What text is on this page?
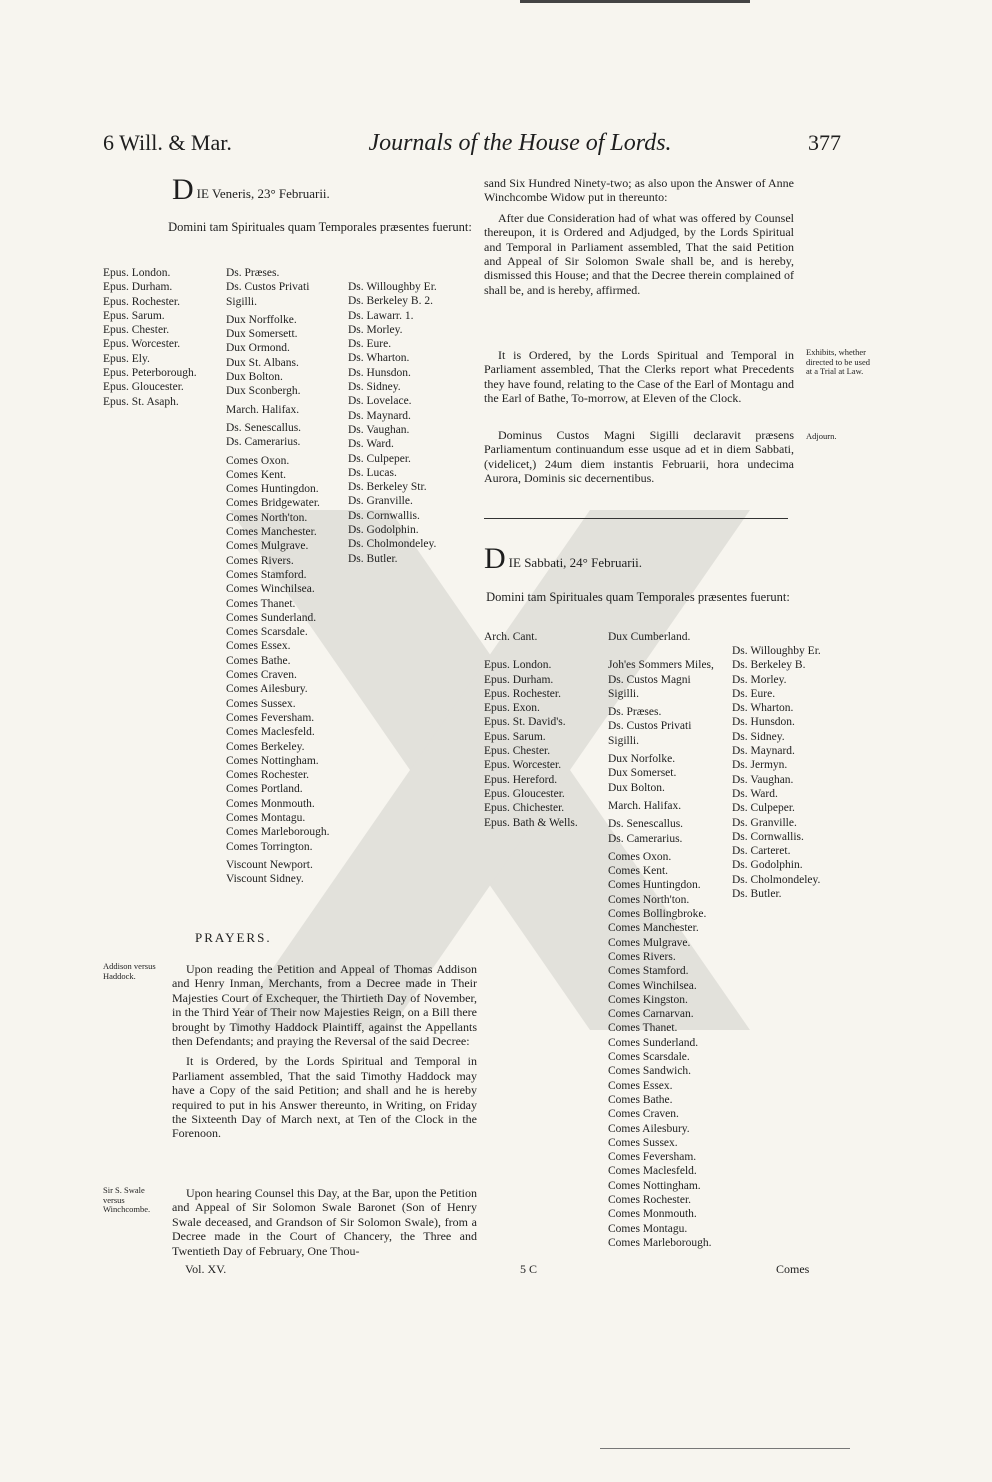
6 Will. & Mar.	Journals of the House of Lords.	377
D IE Veneris, 23° Februarii.
Domini tam Spirituales quam Temporales præsentes fuerunt:
Epus. London.
Epus. Durham.
Epus. Rochester.
Epus. Sarum.
Epus. Chester.
Epus. Worcester.
Epus. Ely.
Epus. Peterborough.
Epus. Gloucester.
Epus. St. Asaph.
Ds. Præses.
Ds. Custos Privati
Sigilli.
Dux Norffolke.
Dux Somersett.
Dux Ormond.
Dux St. Albans.
Dux Bolton.
Dux Sconbergh.
March. Halifax.
Ds. Senescallus.
Ds. Camerarius.
Comes Oxon.
Comes Kent.
Comes Huntingdon.
Comes Bridgewater.
Comes North'ton.
Comes Manchester.
Comes Mulgrave.
Comes Rivers.
Comes Stamford.
Comes Winchilsea.
Comes Thanet.
Comes Sunderland.
Comes Scarsdale.
Comes Essex.
Comes Bathe.
Comes Craven.
Comes Ailesbury.
Comes Sussex.
Comes Feversham.
Comes Maclesfeld.
Comes Berkeley.
Comes Nottingham.
Comes Rochester.
Comes Portland.
Comes Monmouth.
Comes Montagu.
Comes Marleborough.
Comes Torrington.
Viscount Newport.
Viscount Sidney.
Ds. Willoughby Er.
Ds. Berkeley B. 2.
Ds. Lawarr. 1.
Ds. Morley.
Ds. Eure.
Ds. Wharton.
Ds. Hunsdon.
Ds. Sidney.
Ds. Lovelace.
Ds. Maynard.
Ds. Vaughan.
Ds. Ward.
Ds. Culpeper.
Ds. Lucas.
Ds. Berkeley Str.
Ds. Granville.
Ds. Cornwallis.
Ds. Godolphin.
Ds. Cholmondeley.
Ds. Butler.
PRAYERS.
Addison versus Haddock.	Upon reading the Petition and Appeal of Thomas Addison and Henry Inman, Merchants, from a Decree made in Their Majesties Court of Exchequer, the Thirtieth Day of November, in the Third Year of Their now Majesties Reign, on a Bill there brought by Timothy Haddock Plaintiff, against the Appellants then Defendants; and praying the Reversal of the said Decree:

It is Ordered, by the Lords Spiritual and Temporal in Parliament assembled, That the said Timothy Haddock may have a Copy of the said Petition; and shall and he is hereby required to put in his Answer thereunto, in Writing, on Friday the Sixteenth Day of March next, at Ten of the Clock in the Forenoon.

Sir S. Swale versus Winchcombe.

Upon hearing Counsel this Day, at the Bar, upon the Petition and Appeal of Sir Solomon Swale Baronet (Son of Henry Swale deceased, and Grandson of Sir Solomon Swale), from a Decree made in the Court of Chancery, the Three and Twentieth Day of February, One Thou-

sand Six Hundred Ninety-two; as also upon the Answer of Anne Winchcombe Widow put in thereunto:

After due Consideration had of what was offered by Counsel thereupon, it is Ordered and Adjudged, by the Lords Spiritual and Temporal in Parliament assembled, That the said Petition and Appeal of Sir Solomon Swale shall be, and is hereby, dismissed this House; and that the Decree therein complained of shall be, and is hereby, affirmed.

It is Ordered, by the Lords Spiritual and Temporal in Parliament assembled, That the Clerks report what Precedents they have found, relating to the Case of the Earl of Montagu and the Earl of Bathe, To-morrow, at Eleven of the Clock.

Exhibits, whether directed to be used at a Trial at Law.

Dominus Custos Magni Sigilli declaravit præsens Parliamentum continuandum esse usque ad et in diem Sabbati, (videlicet,) 24um diem instantis Februarii, hora undecima Aurora, Dominis sic decernentibus.

Adjourn.
D IE Sabbati, 24° Februarii.
Domini tam Spirituales quam Temporales præsentes fuerunt:
Arch. Cant.
Epus. London.
Epus. Durham.
Epus. Rochester.
Epus. Exon.
Epus. St. David's.
Epus. Sarum.
Epus. Chester.
Epus. Worcester.
Epus. Hereford.
Epus. Gloucester.
Epus. Chichester.
Epus. Bath & Wells.
Dux Cumberland.
Joh'es Sommers Miles,
Ds. Custos Magni
Sigilli.
Ds. Præses.
Ds. Custos Privati
Sigilli.
Dux Norfolke.
Dux Somerset.
Dux Bolton.
March. Halifax.
Ds. Senescallus.
Ds. Camerarius.
Comes Oxon.
Comes Kent.
Comes Huntingdon.
Comes North'ton.
Comes Bollingbroke.
Comes Manchester.
Comes Mulgrave.
Comes Rivers.
Comes Stamford.
Comes Winchilsea.
Comes Kingston.
Comes Carnarvan.
Comes Thanet.
Comes Sunderland.
Comes Scarsdale.
Comes Sandwich.
Comes Essex.
Comes Bathe.
Comes Craven.
Comes Ailesbury.
Comes Sussex.
Comes Feversham.
Comes Maclesfeld.
Comes Nottingham.
Comes Rochester.
Comes Monmouth.
Comes Montagu.
Comes Marleborough.
Ds. Willoughby Er.
Ds. Berkeley B.
Ds. Morley.
Ds. Eure.
Ds. Wharton.
Ds. Hunsdon.
Ds. Sidney.
Ds. Maynard.
Ds. Jermyn.
Ds. Vaughan.
Ds. Ward.
Ds. Culpeper.
Ds. Granville.
Ds. Cornwallis.
Ds. Carteret.
Ds. Godolphin.
Ds. Cholmondeley.
Ds. Butler.
Vol. XV.	5 C	Comes
